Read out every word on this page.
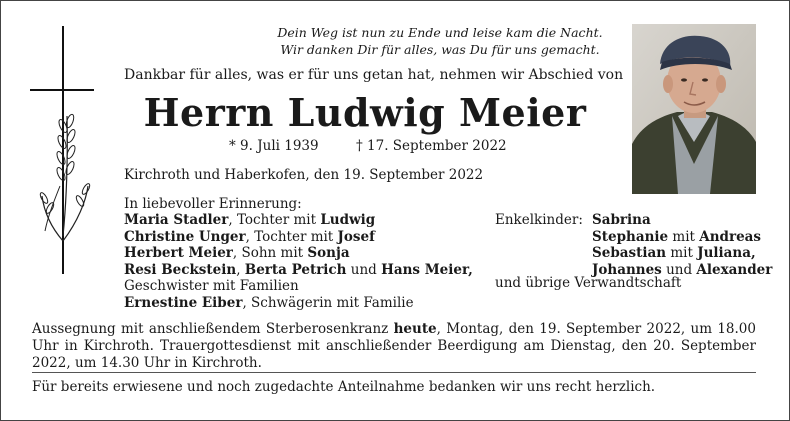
Dein Weg ist nun zu Ende und leise kam die Nacht.
Wir danken Dir für alles, was Du für uns gemacht.
Dankbar für alles, was er für uns getan hat, nehmen wir Abschied von
Herrn Ludwig Meier
* 9. Juli 1939	† 17. September 2022
Kirchroth und Haberkofen, den 19. September 2022
In liebevoller Erinnerung:
Maria Stadler, Tochter mit Ludwig
Christine Unger, Tochter mit Josef
Herbert Meier, Sohn mit Sonja
Resi Beckstein, Berta Petrich und Hans Meier,
Geschwister mit Familien
Ernestine Eiber, Schwägerin mit Familie
Enkelkinder: Sabrina
Stephanie mit Andreas
Sebastian mit Juliana,
Johannes und Alexander
und übrige Verwandtschaft
Aussegnung mit anschließendem Sterberosenkranz heute, Montag, den 19. September 2022, um 18.00 Uhr in Kirchroth. Trauergottesdienst mit anschließender Beerdigung am Dienstag, den 20. September 2022, um 14.30 Uhr in Kirchroth.
Für bereits erwiesene und noch zugedachte Anteilnahme bedanken wir uns recht herzlich.
